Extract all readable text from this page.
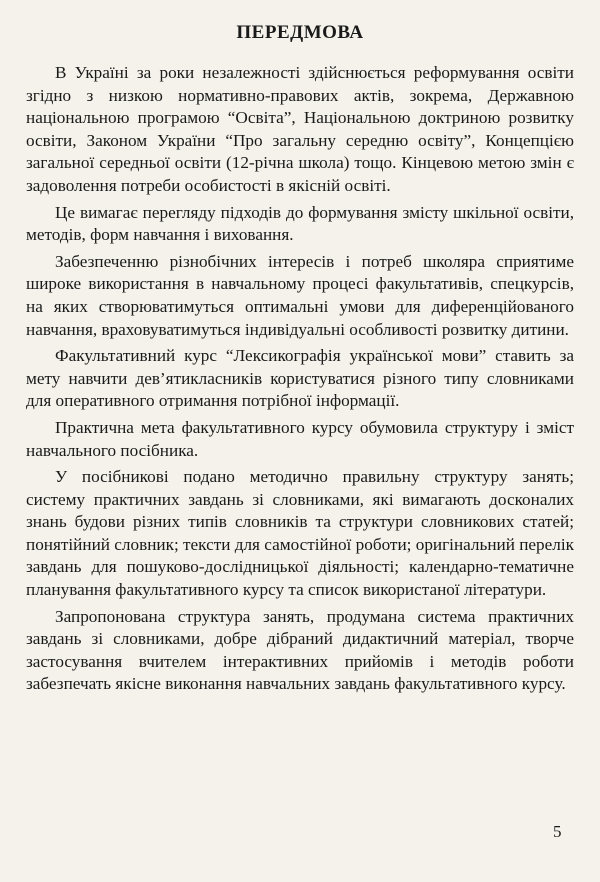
ПЕРЕДМОВА

В Україні за роки незалежності здійснюється реформування освіти згідно з низкою нормативно-правових актів, зокрема, Державною національною програмою “Освіта”, Національною доктриною розвитку освіти, Законом України “Про загальну середню освіту”, Концепцією загальної середньої освіти (12-річна школа) тощо. Кінцевою метою змін є задоволення потреби особистості в якісній освіті.

Це вимагає перегляду підходів до формування змісту шкільної освіти, методів, форм навчання і виховання.

Забезпеченню різнобічних інтересів і потреб школяра сприятиме широке використання в навчальному процесі факультативів, спецкурсів, на яких створюватимуться оптимальні умови для диференційованого навчання, враховуватимуться індивідуальні особливості розвитку дитини.

Факультативний курс “Лексикографія української мови” ставить за мету навчити дев’ятикласників користуватися різного типу словниками для оперативного отримання потрібної інформації.

Практична мета факультативного курсу обумовила структуру і зміст навчального посібника.

У посібникові подано методично правильну структуру занять; систему практичних завдань зі словниками, які вимагають досконалих знань будови різних типів словників та структури словникових статей; понятійний словник; тексти для самостійної роботи; оригінальний перелік завдань для пошуково-дослідницької діяльності; календарно-тематичне планування факультативного курсу та список використаної літератури.

Запропонована структура занять, продумана система практичних завдань зі словниками, добре дібраний дидактичний матеріал, творче застосування вчителем інтерактивних прийомів і методів роботи забезпечать якісне виконання навчальних завдань факультативного курсу.

5
